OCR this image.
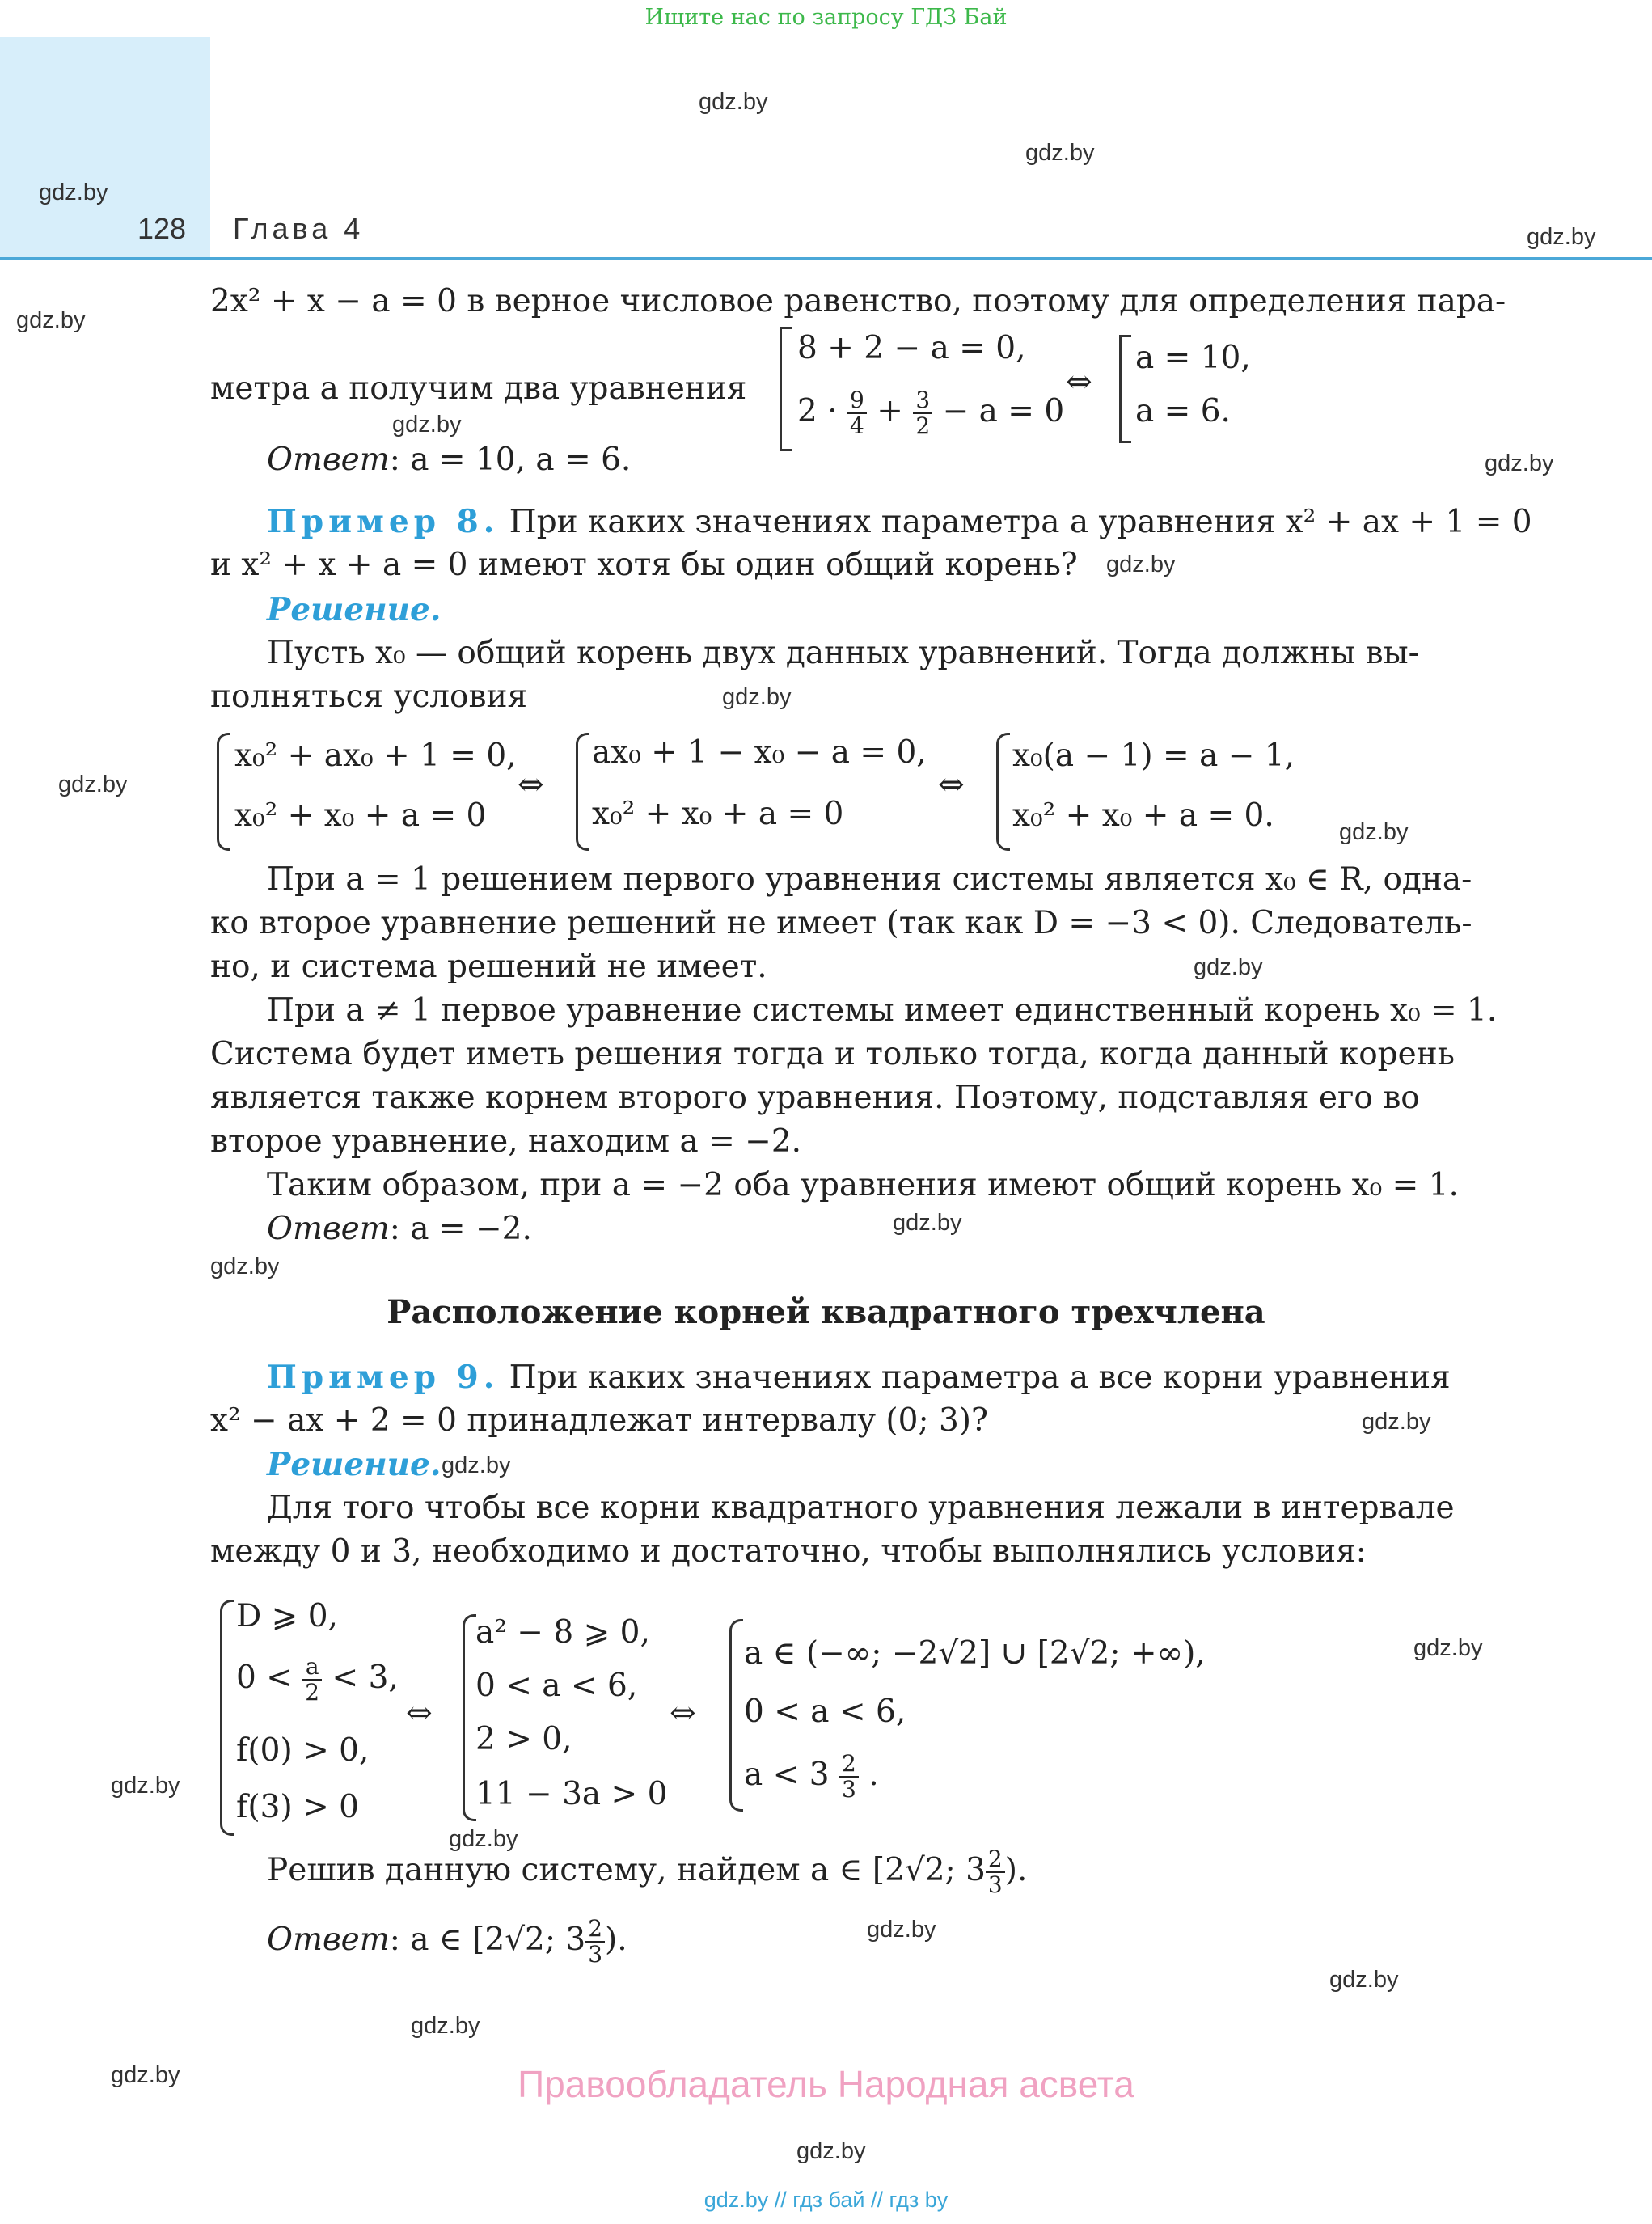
Ищите нас по запросу ГДЗ Бай
128 Глава 4
gdz.by
gdz.by
gdz.by
gdz.by
gdz.by
gdz.by
gdz.by
gdz.by
gdz.by
gdz.by
gdz.by
gdz.by
gdz.by
gdz.by
gdz.by
gdz.by
gdz.by
gdz.by
gdz.by
gdz.by
gdz.by
gdz.by
gdz.by
gdz.by
2x² + x − a = 0 в верное числовое равенство, поэтому для определения пара-
метра a получим два уравнения
8 + 2 − a = 0,
$2 \cdot \frac{9}{4} + \frac{3}{2} - a = 0$
⇔
a = 10,
a = 6.
Ответ: a = 10, a = 6.
Пример 8. При каких значениях параметра a уравнения x² + ax + 1 = 0
и x² + x + a = 0 имеют хотя бы один общий корень?
Решение.
Пусть x₀ — общий корень двух данных уравнений. Тогда должны вы-
полняться условия
x₀² + ax₀ + 1 = 0,
x₀² + x₀ + a = 0
⇔
ax₀ + 1 − x₀ − a = 0,
x₀² + x₀ + a = 0
⇔
x₀(a − 1) = a − 1,
x₀² + x₀ + a = 0.
При a = 1 решением первого уравнения системы является x₀ ∈ R, одна-
ко второе уравнение решений не имеет (так как D = −3 < 0). Следователь-
но, и система решений не имеет.
При a ≠ 1 первое уравнение системы имеет единственный корень x₀ = 1.
Система будет иметь решения тогда и только тогда, когда данный корень
является также корнем второго уравнения. Поэтому, подставляя его во
второе уравнение, находим a = −2.
Таким образом, при a = −2 оба уравнения имеют общий корень x₀ = 1.
Ответ: a = −2.
Расположение корней квадратного трехчлена
Пример 9. При каких значениях параметра a все корни уравнения
x² − ax + 2 = 0 принадлежат интервалу (0; 3)?
Решение.
Для того чтобы все корни квадратного уравнения лежали в интервале
между 0 и 3, необходимо и достаточно, чтобы выполнялись условия:
D ⩾ 0,
$0 < \frac{a}{2} < 3$,
f(0) > 0,
f(3) > 0
⇔
a² − 8 ⩾ 0,
0 < a < 6,
2 > 0,
11 − 3a > 0
⇔
a ∈ (−∞; −2√2] ∪ [2√2; +∞),
0 < a < 6,
$a < 3 \frac{2}{3}$ .
Решив данную систему, найдем a ∈ [2√2; $3 \frac{2}{3}$ ).
Ответ: a ∈ [2√2; $3 \frac{2}{3}$ ).
Правообладатель Народная асвета
gdz.by // гдз бай // гдз by
